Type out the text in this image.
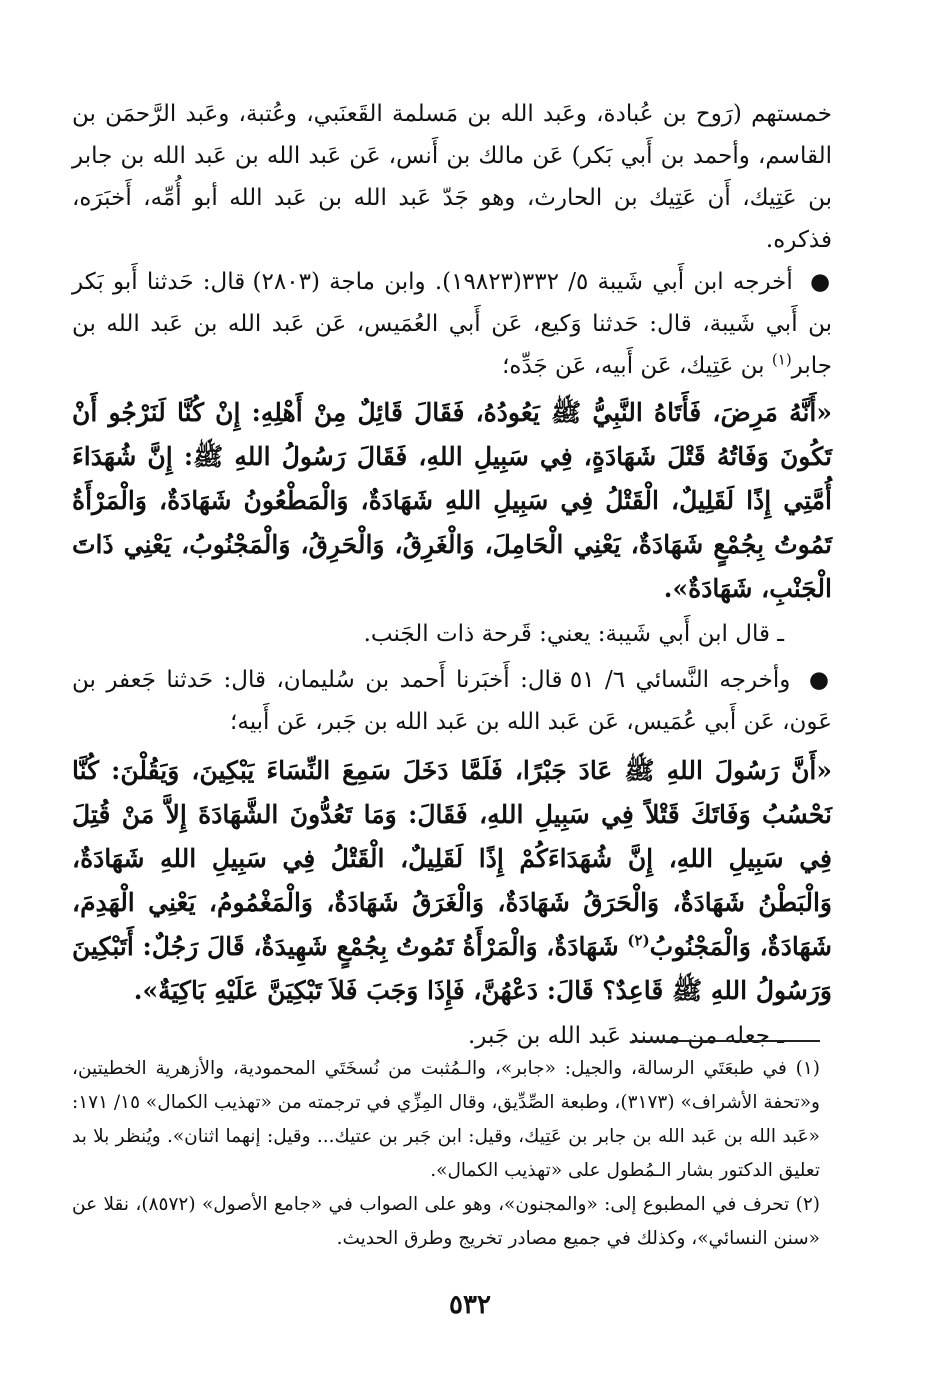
خمستهم (رَوح بن عُبادة، وعَبد الله بن مَسلمة القَعنَبي، وعُتبة، وعَبد الرَّحمَن بن القاسم، وأحمد بن أَبي بَكر) عَن مالك بن أَنس، عَن عَبد الله بن عَبد الله بن جابر بن عَتِيك، أَن عَتِيك بن الحارث، وهو جَدّ عَبد الله بن عَبد الله أبو أُمِّه، أَخبَرَه، فذكره.

● أخرجه ابن أَبي شَيبة ٥/ ٣٣٢(١٩٨٢٣). وابن ماجة (٢٨٠٣) قال: حَدثنا أَبو بَكر بن أَبي شَيبة، قال: حَدثنا وَكيع، عَن أَبي العُمَيس، عَن عَبد الله بن عَبد الله بن جابر$^{(١)}$ بن عَتِيك، عَن أَبيه، عَن جَدِّه؛

«أَنَّهُ مَرِضَ، فَأَتَاهُ النَّبِيُّ ﷺ يَعُودُهُ، فَقَالَ قَائِلٌ مِنْ أَهْلِهِ: إِنْ كُنَّا لَنَرْجُو أَنْ تَكُونَ وَفَاتُهُ قَتْلَ شَهَادَةٍ، فِي سَبِيلِ اللهِ، فَقَالَ رَسُولُ اللهِ ﷺ: إِنَّ شُهَدَاءَ أُمَّتِي إِذًا لَقَلِيلٌ، الْقَتْلُ فِي سَبِيلِ اللهِ شَهَادَةٌ، وَالْمَطْعُونُ شَهَادَةٌ، وَالْمَرْأَةُ تَمُوتُ بِجُمْعٍ شَهَادَةٌ، يَعْنِي الْحَامِلَ، وَالْغَرِقُ، وَالْحَرِقُ، وَالْمَجْنُوبُ، يَعْنِي ذَاتَ الْجَنْبِ، شَهَادَةٌ».

ـ قال ابن أَبي شَيبة: يعني: قَرحة ذات الجَنب.

● وأخرجه النَّسائي ٦/ ٥١ قال: أَخبَرنا أَحمد بن سُليمان، قال: حَدثنا جَعفر بن عَون، عَن أَبي عُمَيس، عَن عَبد الله بن عَبد الله بن جَبر، عَن أَبيه؛

«أَنَّ رَسُولَ اللهِ ﷺ عَادَ جَبْرًا، فَلَمَّا دَخَلَ سَمِعَ النِّسَاءَ يَبْكِينَ، وَيَقُلْنَ: كُنَّا نَحْسُبُ وَفَاتَكَ قَتْلاً فِي سَبِيلِ اللهِ، فَقَالَ: وَمَا تَعُدُّونَ الشَّهَادَةَ إِلاَّ مَنْ قُتِلَ فِي سَبِيلِ اللهِ، إِنَّ شُهَدَاءَكُمْ إِذًا لَقَلِيلٌ، الْقَتْلُ فِي سَبِيلِ اللهِ شَهَادَةٌ، وَالْبَطْنُ شَهَادَةٌ، وَالْحَرَقُ شَهَادَةٌ، وَالْغَرَقُ شَهَادَةٌ، وَالْمَغْمُومُ، يَعْنِي الْهَدِمَ، شَهَادَةٌ، وَالْمَجْنُوبُ$^{(٢)}$ شَهَادَةٌ، وَالْمَرْأَةُ تَمُوتُ بِجُمْعٍ شَهِيدَةٌ، قَالَ رَجُلٌ: أَتَبْكِينَ وَرَسُولُ اللهِ ﷺ قَاعِدٌ؟ قَالَ: دَعْهُنَّ، فَإِذَا وَجَبَ فَلاَ تَبْكِيَنَّ عَلَيْهِ بَاكِيَةٌ».

ـ جعله من مسند عَبد الله بن جَبر.

(١) في طبعَتَي الرسالة، والجيل: «جابر»، والـمُثبت من نُسخَتَي المحمودية، والأزهرية الخطيتين، و«تحفة الأشراف» (٣١٧٣)، وطبعة الصِّدِّيق، وقال المِزِّي في ترجمته من «تهذيب الكمال» ١٥/ ١٧١: «عَبد الله بن عَبد الله بن جابر بن عَتِيك، وقيل: ابن جَبر بن عتيك... وقيل: إنهما اثنان». ويُنظر بلا بد تعليق الدكتور بشار الـمُطول على «تهذيب الكمال».

(٢) تحرف في المطبوع إلى: «والمجنون»، وهو على الصواب في «جامع الأصول» (٨٥٧٢)، نقلا عن «سنن النسائي»، وكذلك في جميع مصادر تخريج وطرق الحديث.

٥٣٢
